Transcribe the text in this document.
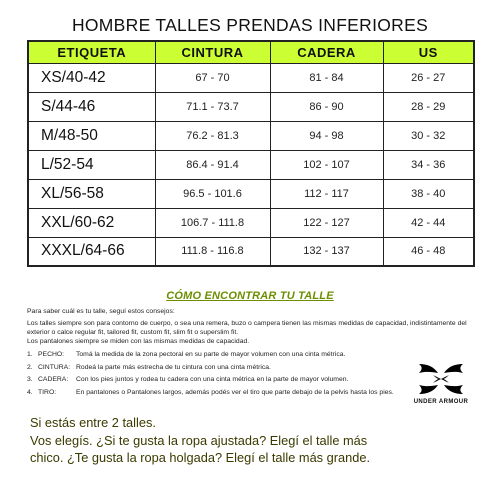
HOMBRE TALLES PRENDAS INFERIORES
ETIQUETA	CINTURA	CADERA	US
XS/40-42	67 - 70	81 - 84	26 - 27
S/44-46	71.1 - 73.7	86 - 90	28 - 29
M/48-50	76.2 - 81.3	94 - 98	30 - 32
L/52-54	86.4 - 91.4	102 - 107	34 - 36
XL/56-58	96.5 - 101.6	112 - 117	38 - 40
XXL/60-62	106.7 - 111.8	122 - 127	42 - 44
XXXL/64-66	111.8 - 116.8	132 - 137	46 - 48
CÓMO ENCONTRAR TU TALLE
Para saber cuál es tu talle, seguí estos consejos:
Los talles siempre son para contorno de cuerpo, o sea una remera, buzo o campera tienen las mismas medidas de capacidad, indistintamente del
exterior o calce regular fit, tailored fit, custom fit, slim fit o superslim fit.
Los pantalones siempre se miden con las mismas medidas de capacidad.
1. PECHO:	Tomá la medida de la zona pectoral en su parte de mayor volumen con una cinta métrica.
2. CINTURA: Rodeá la parte más estrecha de tu cintura con una cinta métrica.
3. CADERA:	Con los pies juntos y rodea tu cadera con una cinta métrica en la parte de mayor volumen.
4. TIRO:	En pantalones o Pantalones largos, además podés ver el tiro que parte debajo de la pelvis hasta los pies.
UNDER ARMOUR
Si estás entre 2 talles.
Vos elegís. ¿Si te gusta la ropa ajustada? Elegí el talle más
chico. ¿Te gusta la ropa holgada? Elegí el talle más grande.
